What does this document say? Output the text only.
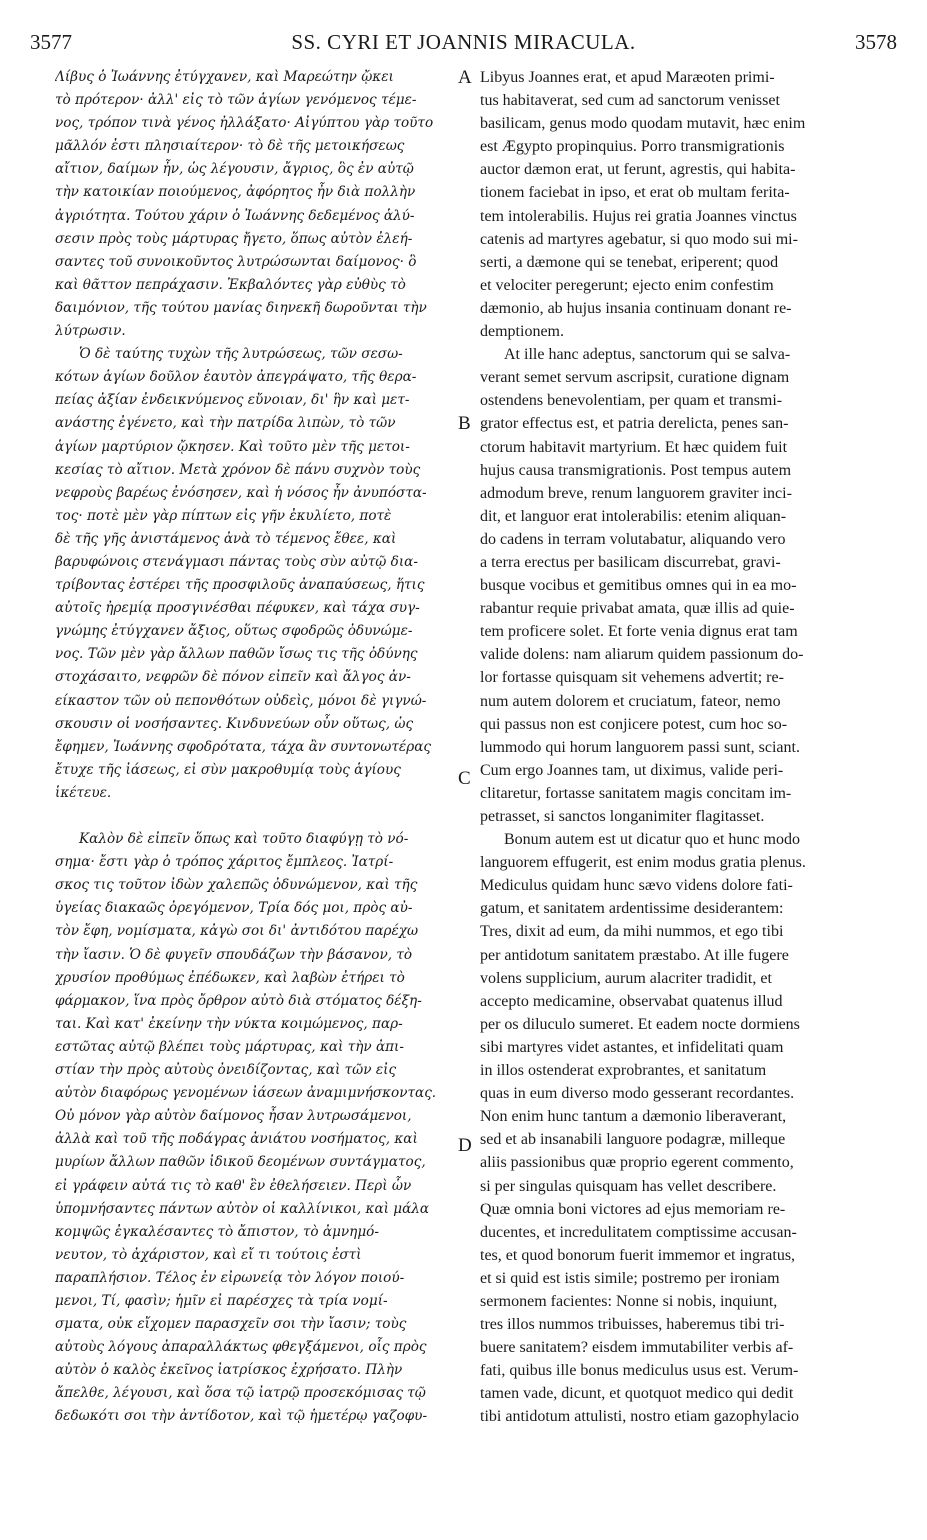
3577	SS. CYRI ET JOANNIS MIRACULA.	3578
Λίβυς ὁ Ἰωάννης ἐτύγχανεν, καὶ Μαρεώτην ᾤκει
τὸ πρότερον· ἀλλ' εἰς τὸ τῶν ἁγίων γενόμενος τέμε-
νος, τρόπον τινὰ γένος ἠλλάξατο· Αἰγύπτου γὰρ τοῦτο
μᾶλλόν ἐστι πλησιαίτερον· τὸ δὲ τῆς μετοικήσεως
αἴτιον, δαίμων ἦν, ὡς λέγουσιν, ἄγριος, ὃς ἐν αὐτῷ
τὴν κατοικίαν ποιούμενος, ἀφόρητος ἦν διὰ πολλὴν
ἀγριότητα. Τούτου χάριν ὁ Ἰωάννης δεδεμένος ἁλύ-
σεσιν πρὸς τοὺς μάρτυρας ἤγετο, ὅπως αὐτὸν ἐλεή-
σαντες τοῦ συνοικοῦντος λυτρώσωνται δαίμονος· ὃ
καὶ θᾶττον πεπράχασιν. Ἐκβαλόντες γὰρ εὐθὺς τὸ
δαιμόνιον, τῆς τούτου μανίας διηνεκῆ δωροῦνται τὴν
λύτρωσιν.
Ὁ δὲ ταύτης τυχὼν τῆς λυτρώσεως, τῶν σεσω-
κότων ἁγίων δοῦλον ἑαυτὸν ἀπεγράψατο, τῆς θερα-
πείας ἀξίαν ἐνδεικνύμενος εὔνοιαν, δι' ἣν καὶ μετ-
ανάστης ἐγένετο, καὶ τὴν πατρίδα λιπὼν, τὸ τῶν
ἁγίων μαρτύριον ᾤκησεν. Καὶ τοῦτο μὲν τῆς μετοι-
κεσίας τὸ αἴτιον. Μετὰ χρόνον δὲ πάνυ συχνὸν τοὺς
νεφροὺς βαρέως ἐνόσησεν, καὶ ἡ νόσος ἦν ἀνυπόστα-
τος· ποτὲ μὲν γὰρ πίπτων εἰς γῆν ἐκυλίετο, ποτὲ
δὲ τῆς γῆς ἀνιστάμενος ἀνὰ τὸ τέμενος ἔθεε, καὶ
βαρυφώνοις στενάγμασι πάντας τοὺς σὺν αὐτῷ δια-
τρίβοντας ἐστέρει τῆς προσφιλοῦς ἀναπαύσεως, ἥτις
αὐτοῖς ἠρεμίᾳ προσγινέσθαι πέφυκεν, καὶ τάχα συγ-
γνώμης ἐτύγχανεν ἄξιος, οὕτως σφοδρῶς ὀδυνώμε-
νος. Τῶν μὲν γὰρ ἄλλων παθῶν ἴσως τις τῆς ὀδύνης
στοχάσαιτο, νεφρῶν δὲ πόνον εἰπεῖν καὶ ἄλγος ἀν-
είκαστον τῶν οὐ πεπονθότων οὐδεὶς, μόνοι δὲ γιγνώ-
σκουσιν οἱ νοσήσαντες. Κινδυνεύων οὖν οὕτως, ὡς
ἔφημεν, Ἰωάννης σφοδρότατα, τάχα ἂν συντονωτέρας
ἔτυχε τῆς ἰάσεως, εἰ σὺν μακροθυμίᾳ τοὺς ἁγίους
ἱκέτευε.
Καλὸν δὲ εἰπεῖν ὅπως καὶ τοῦτο διαφύγῃ τὸ νό-
σημα· ἔστι γὰρ ὁ τρόπος χάριτος ἔμπλεος. Ἰατρί-
σκος τις τοῦτον ἰδὼν χαλεπῶς ὀδυνώμενον, καὶ τῆς
ὑγείας διακαῶς ὀρεγόμενον, Τρία δός μοι, πρὸς αὐ-
τὸν ἔφη, νομίσματα, κἀγὼ σοι δι' ἀντιδότου παρέχω
τὴν ἴασιν. Ὁ δὲ φυγεῖν σπουδάζων τὴν βάσανον, τὸ
χρυσίον προθύμως ἐπέδωκεν, καὶ λαβὼν ἐτήρει τὸ
φάρμακον, ἵνα πρὸς ὄρθρον αὐτὸ διὰ στόματος δέξη-
ται. Καὶ κατ' ἐκείνην τὴν νύκτα κοιμώμενος, παρ-
εστῶτας αὐτῷ βλέπει τοὺς μάρτυρας, καὶ τὴν ἀπι-
στίαν τὴν πρὸς αὐτοὺς ὀνειδίζοντας, καὶ τῶν εἰς
αὐτὸν διαφόρως γενομένων ἰάσεων ἀναμιμνήσκοντας.
Οὐ μόνον γὰρ αὐτὸν δαίμονος ἦσαν λυτρωσάμενοι,
ἀλλὰ καὶ τοῦ τῆς ποδάγρας ἀνιάτου νοσήματος, καὶ
μυρίων ἄλλων παθῶν ἰδικοῦ δεομένων συντάγματος,
εἰ γράφειν αὐτά τις τὸ καθ' ἓν ἐθελήσειεν. Περὶ ὧν
ὑπομνήσαντες πάντων αὐτὸν οἱ καλλίνικοι, καὶ μάλα
κομψῶς ἐγκαλέσαντες τὸ ἄπιστον, τὸ ἀμνημό-
νευτον, τὸ ἀχάριστον, καὶ εἴ τι τούτοις ἐστὶ
παραπλήσιον. Τέλος ἐν εἰρωνείᾳ τὸν λόγον ποιού-
μενοι, Τί, φασὶν; ἡμῖν εἰ παρέσχες τὰ τρία νομί-
σματα, οὐκ εἴχομεν παρασχεῖν σοι τὴν ἴασιν; τοὺς
αὐτοὺς λόγους ἀπαραλλάκτως φθεγξάμενοι, οἷς πρὸς
αὐτὸν ὁ καλὸς ἐκεῖνος ἰατρίσκος ἐχρήσατο. Πλὴν
ἄπελθε, λέγουσι, καὶ ὅσα τῷ ἰατρῷ προσεκόμισας τῷ
δεδωκότι σοι τὴν ἀντίδοτον, καὶ τῷ ἡμετέρῳ γαζοφυ-
Libyus Joannes erat, et apud Maræoten primi-
tus habitaverat, sed cum ad sanctorum venisset
basilicam, genus modo quodam mutavit, hæc enim
est Ægypto propinquius. Porro transmigrationis
auctor dæmon erat, ut ferunt, agrestis, qui habita-
tionem faciebat in ipso, et erat ob multam ferita-
tem intolerabilis. Hujus rei gratia Joannes vinctus
catenis ad martyres agebatur, si quo modo sui mi-
serti, a dæmone qui se tenebat, eriperent; quod
et velociter peregerunt; ejecto enim confestim
dæmonio, ab hujus insania continuam donant re-
demptionem.
At ille hanc adeptus, sanctorum qui se salva-
verant semet servum ascripsit, curatione dignam
ostendens benevolentiam, per quam et transmi-
grator effectus est, et patria derelicta, penes san-
ctorum habitavit martyrium. Et hæc quidem fuit
hujus causa transmigrationis. Post tempus autem
admodum breve, renum languorem graviter inci-
dit, et languor erat intolerabilis: etenim aliquan-
do cadens in terram volutabatur, aliquando vero
a terra erectus per basilicam discurrebat, gravi-
busque vocibus et gemitibus omnes qui in ea mo-
rabantur requie privabat amata, quæ illis ad quie-
tem proficere solet. Et forte venia dignus erat tam
valide dolens: nam aliarum quidem passionum do-
lor fortasse quisquam sit vehemens advertit; re-
num autem dolorem et cruciatum, fateor, nemo
qui passus non est conjicere potest, cum hoc so-
lummodo qui horum languorem passi sunt, sciant.
Cum ergo Joannes tam, ut diximus, valide peri-
clitaretur, fortasse sanitatem magis concitam im-
petrasset, si sanctos longanimiter flagitasset.
Bonum autem est ut dicatur quo et hunc modo
languorem effugerit, est enim modus gratia plenus.
Mediculus quidam hunc sævo videns dolore fati-
gatum, et sanitatem ardentissime desiderantem:
Tres, dixit ad eum, da mihi nummos, et ego tibi
per antidotum sanitatem præstabo. At ille fugere
volens supplicium, aurum alacriter tradidit, et
accepto medicamine, observabat quatenus illud
per os diluculo sumeret. Et eadem nocte dormiens
sibi martyres videt astantes, et infidelitati quam
in illos ostenderat exprobrantes, et sanitatum
quas in eum diverso modo gesserant recordantes.
Non enim hunc tantum a dæmonio liberaverant,
sed et ab insanabili languore podagræ, milleque
aliis passionibus quæ proprio egerent commento,
si per singulas quisquam has vellet describere.
Quæ omnia boni victores ad ejus memoriam re-
ducentes, et incredulitatem comptissime accusan-
tes, et quod bonorum fuerit immemor et ingratus,
et si quid est istis simile; postremo per ironiam
sermonem facientes: Nonne si nobis, inquiunt,
tres illos nummos tribuisses, haberemus tibi tri-
buere sanitatem? eisdem immutabiliter verbis af-
fati, quibus ille bonus mediculus usus est. Verum-
tamen vade, dicunt, et quotquot medico qui dedit
tibi antidotum attulisti, nostro etiam gazophylacio
A
B
C
D
